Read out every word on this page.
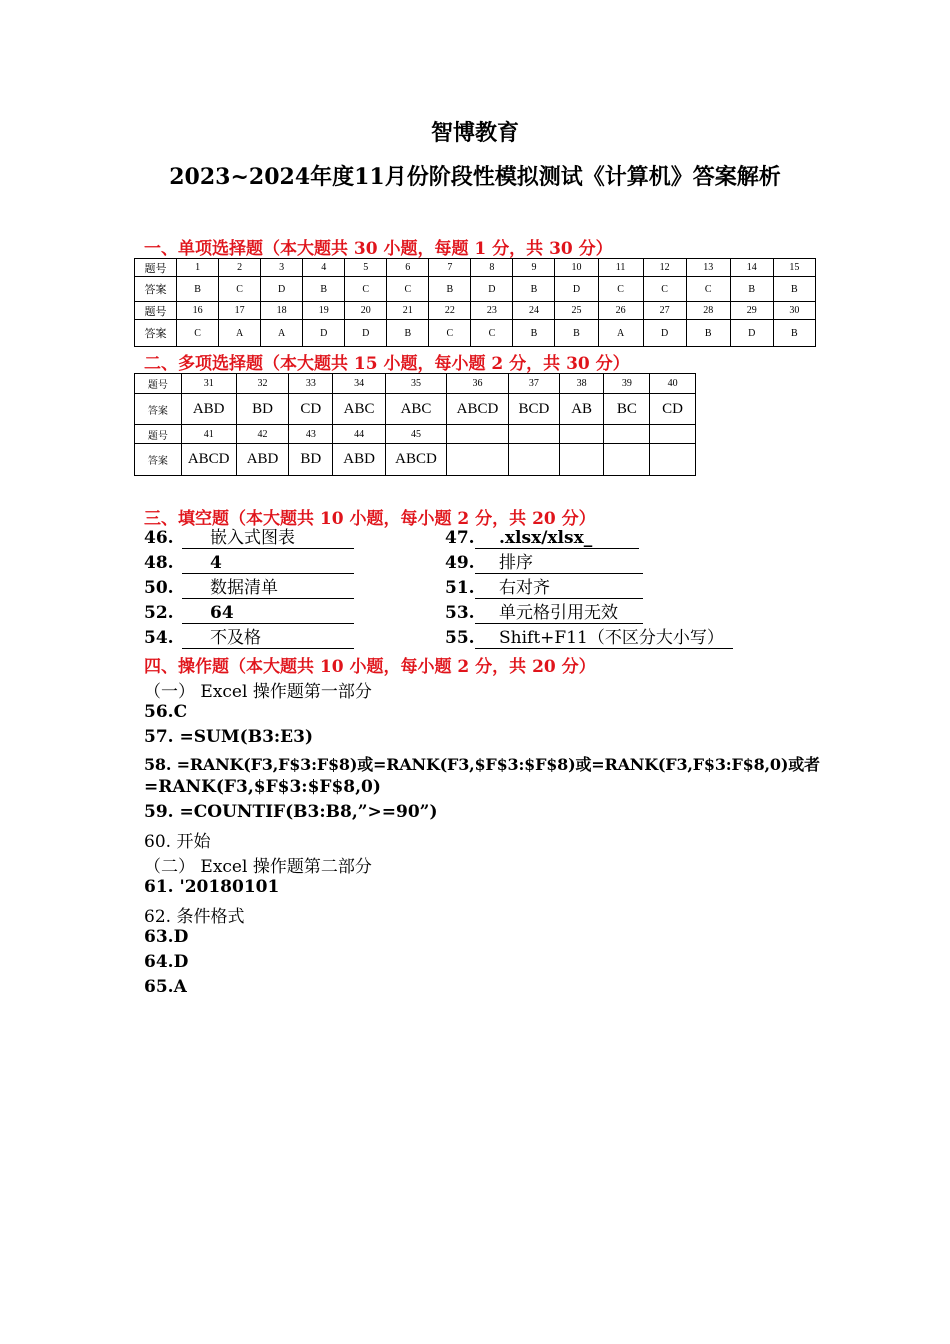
智博教育
2023~2024年度11月份阶段性模拟测试《计算机》答案解析
一、单项选择题（本大题共 30 小题，每题 1 分，共 30 分）
题号	1	2	3	4	5	6	7	8	9	10	11	12	13	14	15
答案	B	C	D	B	C	C	B	D	B	D	C	C	C	B	B
题号	16	17	18	19	20	21	22	23	24	25	26	27	28	29	30
答案	C	A	A	D	D	B	C	C	B	B	A	D	B	D	B
二、多项选择题（本大题共 15 小题，每小题 2 分，共 30 分）
题号	31	32	33	34	35	36	37	38	39	40
答案	ABD	BD	CD	ABC	ABC	ABCD	BCD	AB	BC	CD
题号	41	42	43	44	45					
答案	ABCD	ABD	BD	ABD	ABCD					
三、填空题（本大题共 10 小题，每小题 2 分，共 20 分）
46. 嵌入式图表	47. .xlsx/xlsx_
48. 4	49. 排序
50. 数据清单	51. 右对齐
52. 64	53. 单元格引用无效
54. 不及格	55. Shift+F11（不区分大小写）
四、操作题（本大题共 10 小题，每小题 2 分，共 20 分）
（一） Excel 操作题第一部分
56.C
57. =SUM(B3:E3)
58. =RANK(F3,F$3:F$8)或=RANK(F3,$F$3:$F$8)或=RANK(F3,F$3:F$8,0)或者
=RANK(F3,$F$3:$F$8,0)
59. =COUNTIF(B3:B8,”>=90”)
60. 开始
（二） Excel 操作题第二部分
61. '20180101
62. 条件格式
63.D
64.D
65.A
